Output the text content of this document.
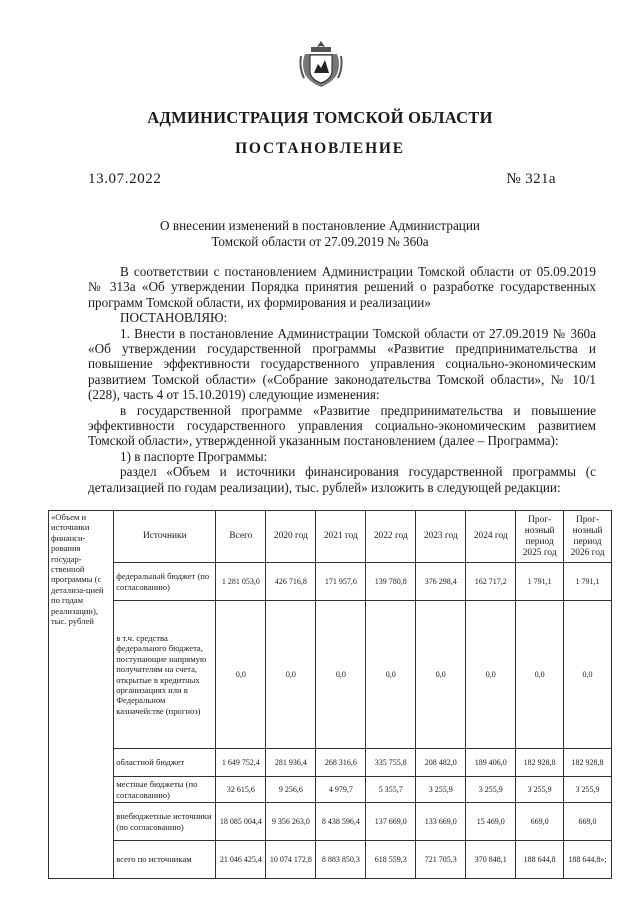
АДМИНИСТРАЦИЯ ТОМСКОЙ ОБЛАСТИ
ПОСТАНОВЛЕНИЕ
13.07.2022	№ 321а
О внесении изменений в постановление Администрации
Томской области от 27.09.2019 № 360а

В соответствии с постановлением Администрации Томской области от 05.09.2019 № 313а «Об утверждении Порядка принятия решений о разработке государственных программ Томской области, их формирования и реализации»

ПОСТАНОВЛЯЮ:

1. Внести в постановление Администрации Томской области от 27.09.2019 № 360а «Об утверждении государственной программы «Развитие предпринимательства и повышение эффективности государственного управления социально-экономическим развитием Томской области» («Собрание законодательства Томской области», № 10/1 (228), часть 4 от 15.10.2019) следующие изменения:

в государственной программе «Развитие предпринимательства и повышение эффективности государственного управления социально-экономическим развитием Томской области», утвержденной указанным постановлением (далее – Программа):

1) в паспорте Программы:

раздел «Объем и источники финансирования государственной программы (с детализацией по годам реализации), тыс. рублей» изложить в следующей редакции:

«Объем и источники финанси-рования государ-ственной программы (с детализа-цией по годам реализации), тыс. рублей	Источники	Всего	2020 год	2021 год	2022 год	2023 год	2024 год	Прог-нозный период 2025 год	Прог-нозный период 2026 год
	федеральный бюджет (по согласованию)	1 281 053,0	426 716,8	171 957,6	139 780,8	376 298,4	162 717,2	1 791,1	1 791,1
	в т.ч. средства федерального бюджета, поступающие напрямую получателям на счета, открытые в кредитных организациях или в Федеральном казначействе (прогноз)	0,0	0,0	0,0	0,0	0,0	0,0	0,0	0,0
	областной бюджет	1 649 752,4	281 936,4	268 316,6	335 755,8	208 482,0	189 406,0	182 928,8	182 928,8
	местные бюджеты (по согласованию)	32 615,6	9 256,6	4 979,7	5 355,7	3 255,9	3 255,9	3 255,9	3 255,9
	внебюджетные источники (по согласованию)	18 085 004,4	9 356 263,0	8 438 596,4	137 669,0	133 669,0	15 469,0	669,0	669,0
	всего по источникам	21 046 425,4	10 074 172,8	8 883 850,3	618 559,3	721 705,3	370 848,1	188 644,8	188 644,8»;
